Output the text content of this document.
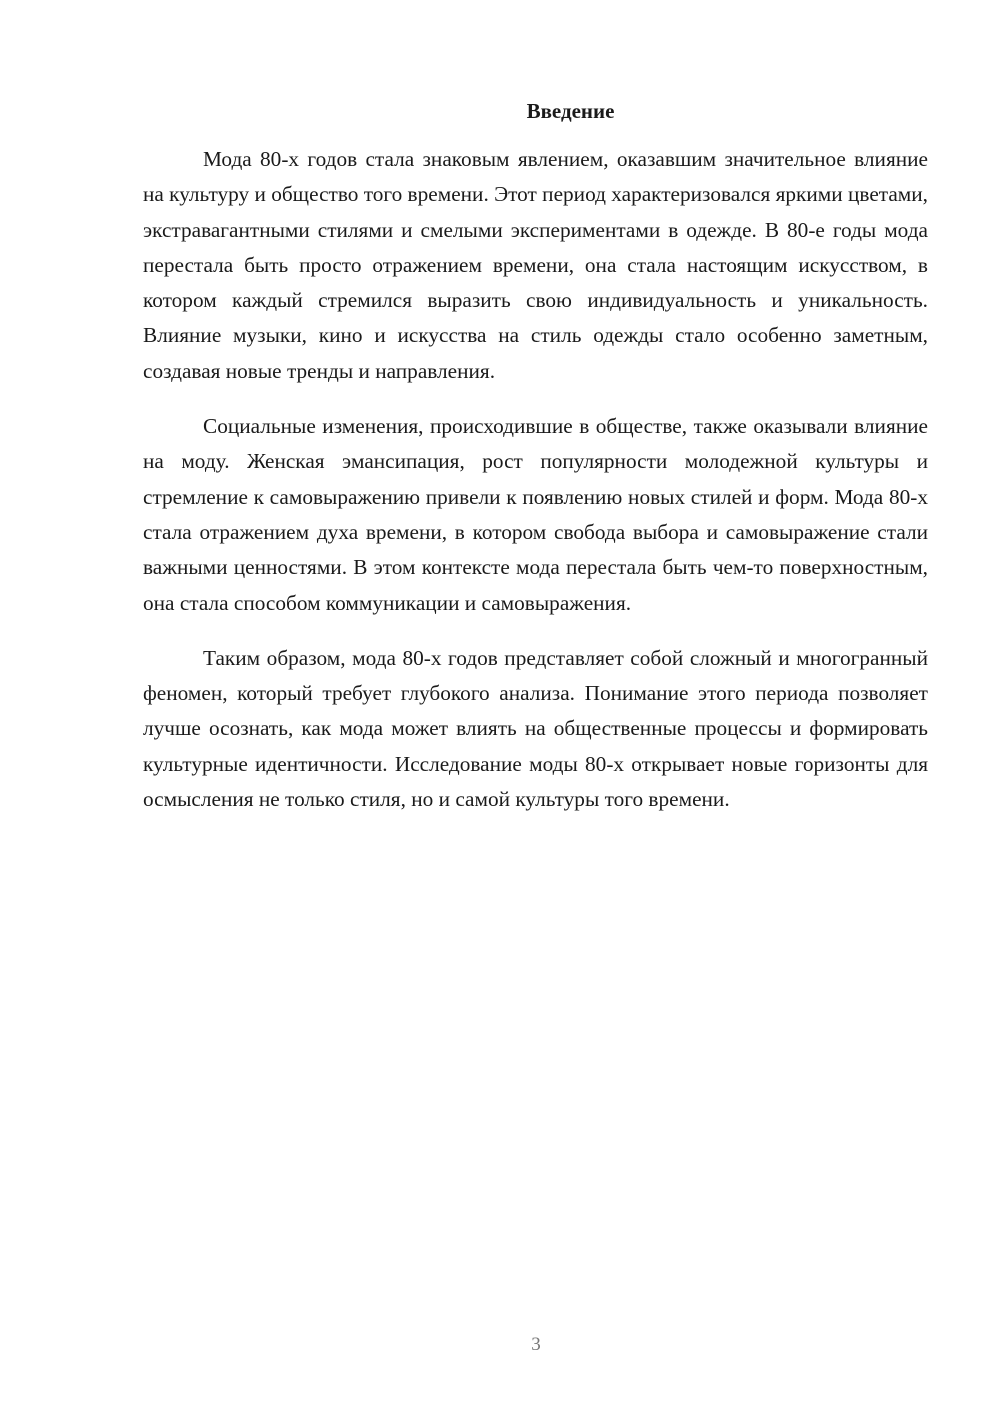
Введение

Мода 80-х годов стала знаковым явлением, оказавшим значительное влияние на культуру и общество того времени. Этот период характеризовался яркими цветами, экстравагантными стилями и смелыми экспериментами в одежде. В 80-е годы мода перестала быть просто отражением времени, она стала настоящим искусством, в котором каждый стремился выразить свою индивидуальность и уникальность. Влияние музыки, кино и искусства на стиль одежды стало особенно заметным, создавая новые тренды и направления.

Социальные изменения, происходившие в обществе, также оказывали влияние на моду. Женская эмансипация, рост популярности молодежной культуры и стремление к самовыражению привели к появлению новых стилей и форм. Мода 80-х стала отражением духа времени, в котором свобода выбора и самовыражение стали важными ценностями. В этом контексте мода перестала быть чем-то поверхностным, она стала способом коммуникации и самовыражения.

Таким образом, мода 80-х годов представляет собой сложный и многогранный феномен, который требует глубокого анализа. Понимание этого периода позволяет лучше осознать, как мода может влиять на общественные процессы и формировать культурные идентичности. Исследование моды 80-х открывает новые горизонты для осмысления не только стиля, но и самой культуры того времени.

3
